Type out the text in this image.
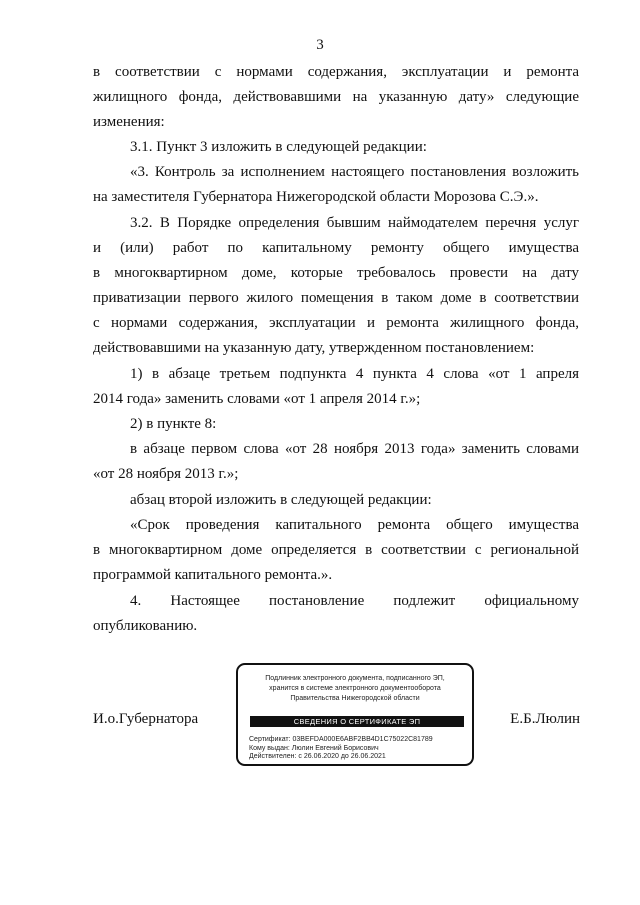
3
в соответствии с нормами содержания, эксплуатации и ремонта
жилищного фонда, действовавшими на указанную дату» следующие
изменения:
3.1. Пункт 3 изложить в следующей редакции:
«3. Контроль за исполнением настоящего постановления возложить
на заместителя Губернатора Нижегородской области Морозова С.Э.».
3.2. В Порядке определения бывшим наймодателем перечня услуг
и (или) работ по капитальному ремонту общего имущества
в многоквартирном доме, которые требовалось провести на дату
приватизации первого жилого помещения в таком доме в соответствии
с нормами содержания, эксплуатации и ремонта жилищного фонда,
действовавшими на указанную дату, утвержденном постановлением:
1) в абзаце третьем подпункта 4 пункта 4 слова «от 1 апреля
2014 года» заменить словами «от 1 апреля 2014 г.»;
2) в пункте 8:
в абзаце первом слова «от 28 ноября 2013 года» заменить словами
«от 28 ноября 2013 г.»;
абзац второй изложить в следующей редакции:
«Срок проведения капитального ремонта общего имущества
в многоквартирном доме определяется в соответствии с региональной
программой капитального ремонта.».
4. Настоящее постановление подлежит официальному
опубликованию.
И.о.Губернатора
Подлинник электронного документа, подписанного ЭП,
хранится в системе электронного документооборота
Правительства Нижегородской области
СВЕДЕНИЯ О СЕРТИФИКАТЕ ЭП
Сертификат: 03BEFDA000E6ABF2BB4D1C75022C81789
Кому выдан: Люлин Евгений Борисович
Действителен: с 26.06.2020 до 26.06.2021
Е.Б.Люлин
